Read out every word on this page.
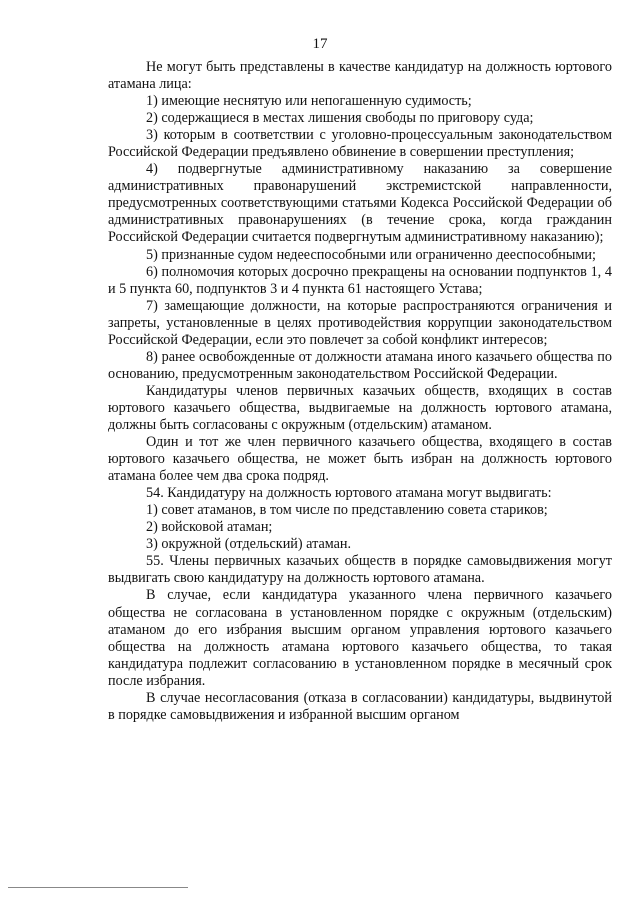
17

Не могут быть представлены в качестве кандидатур на должность юртового атамана лица:

1) имеющие неснятую или непогашенную судимость;

2) содержащиеся в местах лишения свободы по приговору суда;

3) которым в соответствии с уголовно-процессуальным законодательством Российской Федерации предъявлено обвинение в совершении преступления;

4) подвергнутые административному наказанию за совершение административных правонарушений экстремистской направленности, предусмотренных соответствующими статьями Кодекса Российской Федерации об административных правонарушениях (в течение срока, когда гражданин Российской Федерации считается подвергнутым административному наказанию);

5) признанные судом недееспособными или ограниченно дееспособными;

6) полномочия которых досрочно прекращены на основании подпунктов 1, 4 и 5 пункта 60, подпунктов 3 и 4 пункта 61 настоящего Устава;

7) замещающие должности, на которые распространяются ограничения и запреты, установленные в целях противодействия коррупции законодательством Российской Федерации, если это повлечет за собой конфликт интересов;

8) ранее освобожденные от должности атамана иного казачьего общества по основанию, предусмотренным законодательством Российской Федерации.

Кандидатуры членов первичных казачьих обществ, входящих в состав юртового казачьего общества, выдвигаемые на должность юртового атамана, должны быть согласованы с окружным (отдельским) атаманом.

Один и тот же член первичного казачьего общества, входящего в состав юртового казачьего общества, не может быть избран на должность юртового атамана более чем два срока подряд.

54. Кандидатуру на должность юртового атамана могут выдвигать:

1) совет атаманов, в том числе по представлению совета стариков;

2) войсковой атаман;

3) окружной (отдельский) атаман.

55. Члены первичных казачьих обществ в порядке самовыдвижения могут выдвигать свою кандидатуру на должность юртового атамана.

В случае, если кандидатура указанного члена первичного казачьего общества не согласована в установленном порядке с окружным (отдельским) атаманом до его избрания высшим органом управления юртового казачьего общества на должность атамана юртового казачьего общества, то такая кандидатура подлежит согласованию в установленном порядке в месячный срок после избрания.

В случае несогласования (отказа в согласовании) кандидатуры, выдвинутой в порядке самовыдвижения и избранной высшим органом
